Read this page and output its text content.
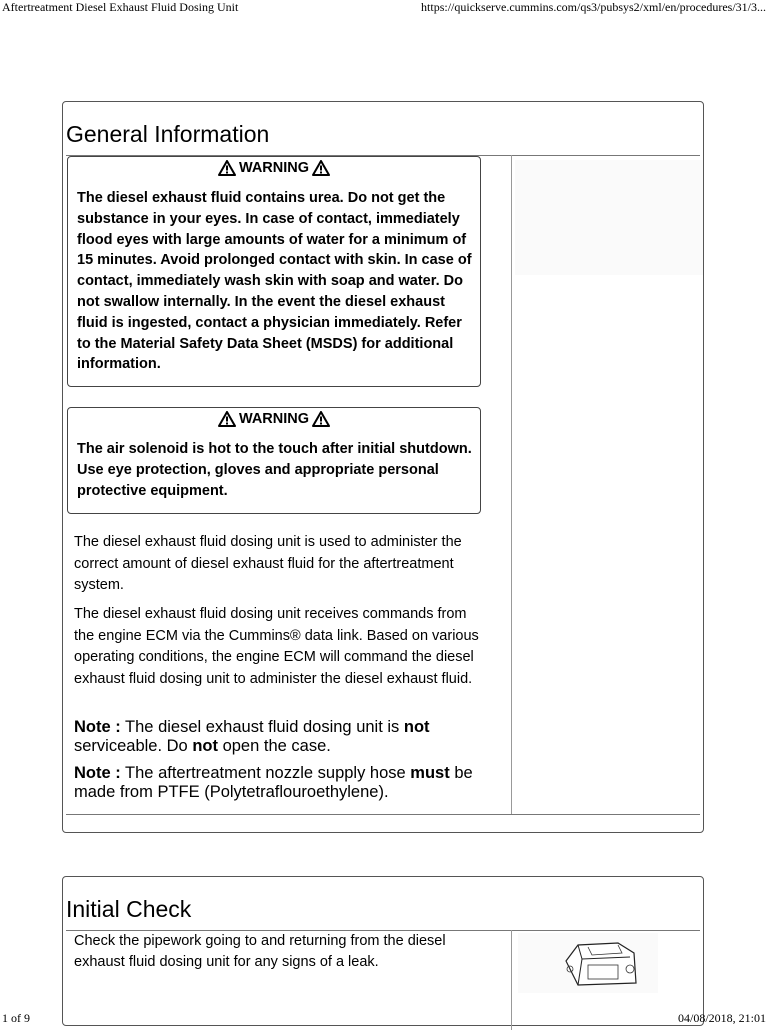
Aftertreatment Diesel Exhaust Fluid Dosing Unit	https://quickserve.cummins.com/qs3/pubsys2/xml/en/procedures/31/3...
General Information
WARNING
The diesel exhaust fluid contains urea. Do not get the substance in your eyes. In case of contact, immediately flood eyes with large amounts of water for a minimum of 15 minutes. Avoid prolonged contact with skin. In case of contact, immediately wash skin with soap and water. Do not swallow internally. In the event the diesel exhaust fluid is ingested, contact a physician immediately. Refer to the Material Safety Data Sheet (MSDS) for additional information.
WARNING
The air solenoid is hot to the touch after initial shutdown. Use eye protection, gloves and appropriate personal protective equipment.
The diesel exhaust fluid dosing unit is used to administer the correct amount of diesel exhaust fluid for the aftertreatment system.
The diesel exhaust fluid dosing unit receives commands from the engine ECM via the Cummins® data link. Based on various operating conditions, the engine ECM will command the diesel exhaust fluid dosing unit to administer the diesel exhaust fluid.
Note : The diesel exhaust fluid dosing unit is not serviceable. Do not open the case.
Note : The aftertreatment nozzle supply hose must be made from PTFE (Polytetraflouroethylene).
Initial Check
Check the pipework going to and returning from the diesel exhaust fluid dosing unit for any signs of a leak.
1 of 9	04/08/2018, 21:01
